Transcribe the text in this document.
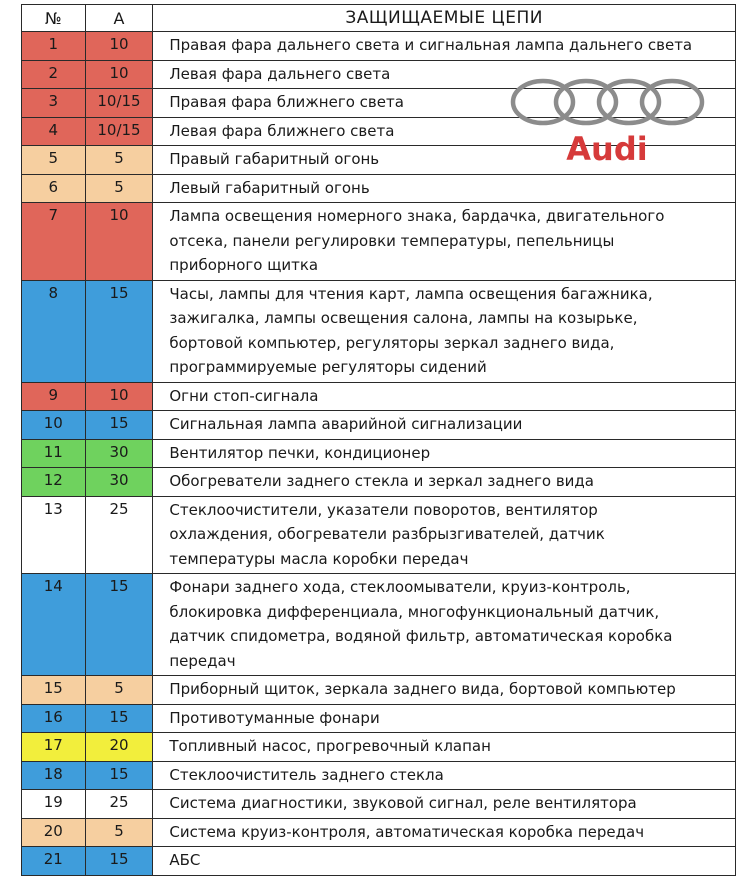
№	А	ЗАЩИЩАЕМЫЕ ЦЕПИ
1	10	Правая фара дальнего света и сигнальная лампа дальнего света

2	10	Левая фара дальнего света

3	10/15	Правая фара ближнего света

4	10/15	Левая фара ближнего света

5	5	Правый габаритный огонь

6	5	Левый габаритный огонь

7	10	Лампа освещения номерного знака, бардачка, двигательного
отсека, панели регулировки температуры, пепельницы
приборного щитка

8	15	Часы, лампы для чтения карт, лампа освещения багажника,
зажигалка, лампы освещения салона, лампы на козырьке,
бортовой компьютер, регуляторы зеркал заднего вида,
программируемые регуляторы сидений

9	10	Огни стоп-сигнала

10	15	Сигнальная лампа аварийной сигнализации

11	30	Вентилятор печки, кондиционер

12	30	Обогреватели заднего стекла и зеркал заднего вида

13	25	Стеклоочистители, указатели поворотов, вентилятор
охлаждения, обогреватели разбрызгивателей, датчик
температуры масла коробки передач

14	15	Фонари заднего хода, стеклоомыватели, круиз-контроль,
блокировка дифференциала, многофункциональный датчик,
датчик спидометра, водяной фильтр, автоматическая коробка
передач

15	5	Приборный щиток, зеркала заднего вида, бортовой компьютер

16	15	Противотуманные фонари

17	20	Топливный насос, прогревочный клапан

18	15	Стеклоочиститель заднего стекла

19	25	Система диагностики, звуковой сигнал, реле вентилятора

20	5	Система круиз-контроля, автоматическая коробка передач

21	15	АБС
Audi
